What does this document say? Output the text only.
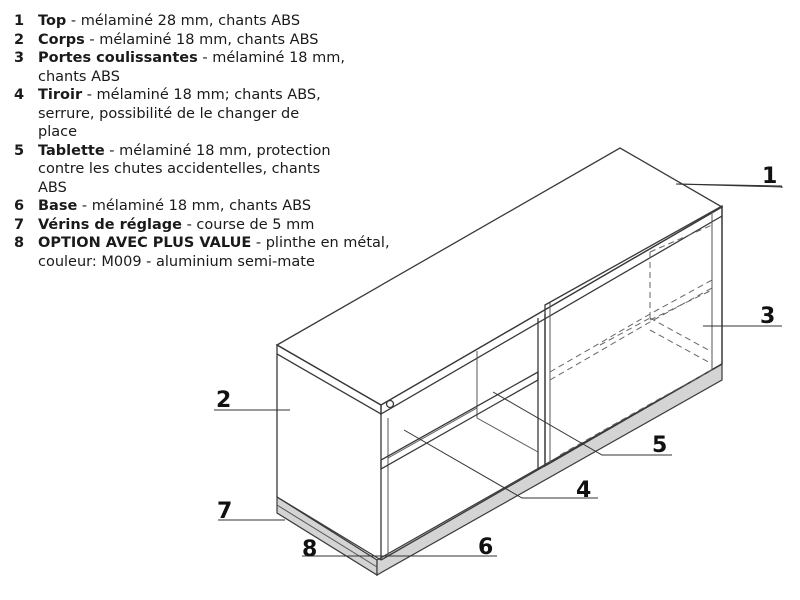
1 Top - mélaminé 28 mm, chants ABS
2 Corps - mélaminé 18 mm, chants ABS
3 Portes coulissantes - mélaminé 18 mm, chants ABS
4 Tiroir - mélaminé 18 mm; chants ABS, serrure, possibilité de le changer de place
5 Tablette - mélaminé 18 mm, protection contre les chutes accidentelles, chants ABS
6 Base - mélaminé 18 mm, chants ABS
7 Vérins de réglage - course de 5 mm
8 OPTION AVEC PLUS VALUE - plinthe en métal, couleur: M009 - aluminium semi-mate
1
3
2
5
4
7
6
8
